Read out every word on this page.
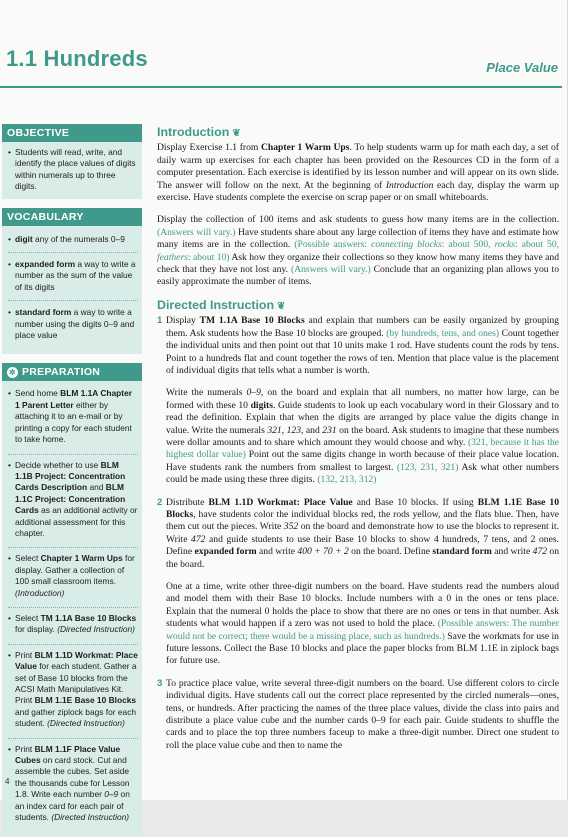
1.1 Hundreds	Place Value
OBJECTIVE
• Students will read, write, and identify the place values of digits within numerals up to three digits.
VOCABULARY
• digit any of the numerals 0–9
• expanded form a way to write a number as the sum of the value of its digits
• standard form a way to write a number using the digits 0–9 and place value
✲ PREPARATION
• Send home BLM 1.1A Chapter 1 Parent Letter either by attaching it to an e-mail or by printing a copy for each student to take home.
• Decide whether to use BLM 1.1B Project: Concentration Cards Description and BLM 1.1C Project: Concentration Cards as an additional activity or additional assessment for this chapter.
• Select Chapter 1 Warm Ups for display. Gather a collection of 100 small classroom items. (Introduction)
• Select TM 1.1A Base 10 Blocks for display. (Directed Instruction)
• Print BLM 1.1D Workmat: Place Value for each student. Gather a set of Base 10 blocks from the ACSI Math Manipulatives Kit. Print BLM 1.1E Base 10 Blocks and gather ziplock bags for each student. (Directed Instruction)
• Print BLM 1.1F Place Value Cubes on card stock. Cut and assemble the cubes. Set aside the thousands cube for Lesson 1.8. Write each number 0–9 on an index card for each pair of students. (Directed Instruction)
Introduction ❦
Display Exercise 1.1 from Chapter 1 Warm Ups. To help students warm up for math each day, a set of daily warm up exercises for each chapter has been provided on the Resources CD in the form of a computer presentation. Each exercise is identified by its lesson number and will appear on its own slide. The answer will follow on the next. At the beginning of Introduction each day, display the warm up exercise. Have students complete the exercise on scrap paper or on small whiteboards.
Display the collection of 100 items and ask students to guess how many items are in the collection. (Answers will vary.) Have students share about any large collection of items they have and estimate how many items are in the collection. (Possible answers: connecting blocks: about 500, rocks: about 50, feathers: about 10) Ask how they organize their collections so they know how many items they have and check that they have not lost any. (Answers will vary.) Conclude that an organizing plan allows you to easily approximate the number of items.
Directed Instruction ❦
1 Display TM 1.1A Base 10 Blocks and explain that numbers can be easily organized by grouping them. Ask students how the Base 10 blocks are grouped. (by hundreds, tens, and ones) Count together the individual units and then point out that 10 units make 1 rod. Have students count the rods by tens. Point to a hundreds flat and count together the rows of ten. Mention that place value is the placement of individual digits that tells what a number is worth.
Write the numerals 0–9, on the board and explain that all numbers, no matter how large, can be formed with these 10 digits. Guide students to look up each vocabulary word in their Glossary and to read the definition. Explain that when the digits are arranged by place value the digits change in value. Write the numerals 321, 123, and 231 on the board. Ask students to imagine that these numbers were dollar amounts and to share which amount they would choose and why. (321, because it has the highest dollar value) Point out the same digits change in worth because of their place value location. Have students rank the numbers from smallest to largest. (123, 231, 321) Ask what other numbers could be made using these three digits. (132, 213, 312)
2 Distribute BLM 1.1D Workmat: Place Value and Base 10 blocks. If using BLM 1.1E Base 10 Blocks, have students color the individual blocks red, the rods yellow, and the flats blue. Then, have them cut out the pieces. Write 352 on the board and demonstrate how to use the blocks to represent it. Write 472 and guide students to use their Base 10 blocks to show 4 hundreds, 7 tens, and 2 ones. Define expanded form and write 400 + 70 + 2 on the board. Define standard form and write 472 on the board.
One at a time, write other three-digit numbers on the board. Have students read the numbers aloud and model them with their Base 10 blocks. Include numbers with a 0 in the ones or tens place. Explain that the numeral 0 holds the place to show that there are no ones or tens in that number. Ask students what would happen if a zero was not used to hold the place. (Possible answers: The number would not be correct; there would be a missing place, such as hundreds.) Save the workmats for use in future lessons. Collect the Base 10 blocks and place the paper blocks from BLM 1.1E in ziplock bags for future use.
3 To practice place value, write several three-digit numbers on the board. Use different colors to circle individual digits. Have students call out the correct place represented by the circled numerals—ones, tens, or hundreds. After practicing the names of the three place values, divide the class into pairs and distribute a place value cube and the number cards 0–9 for each pair. Guide students to shuffle the cards and to place the top three numbers faceup to make a three-digit number. Direct one student to roll the place value cube and then to name the
4
